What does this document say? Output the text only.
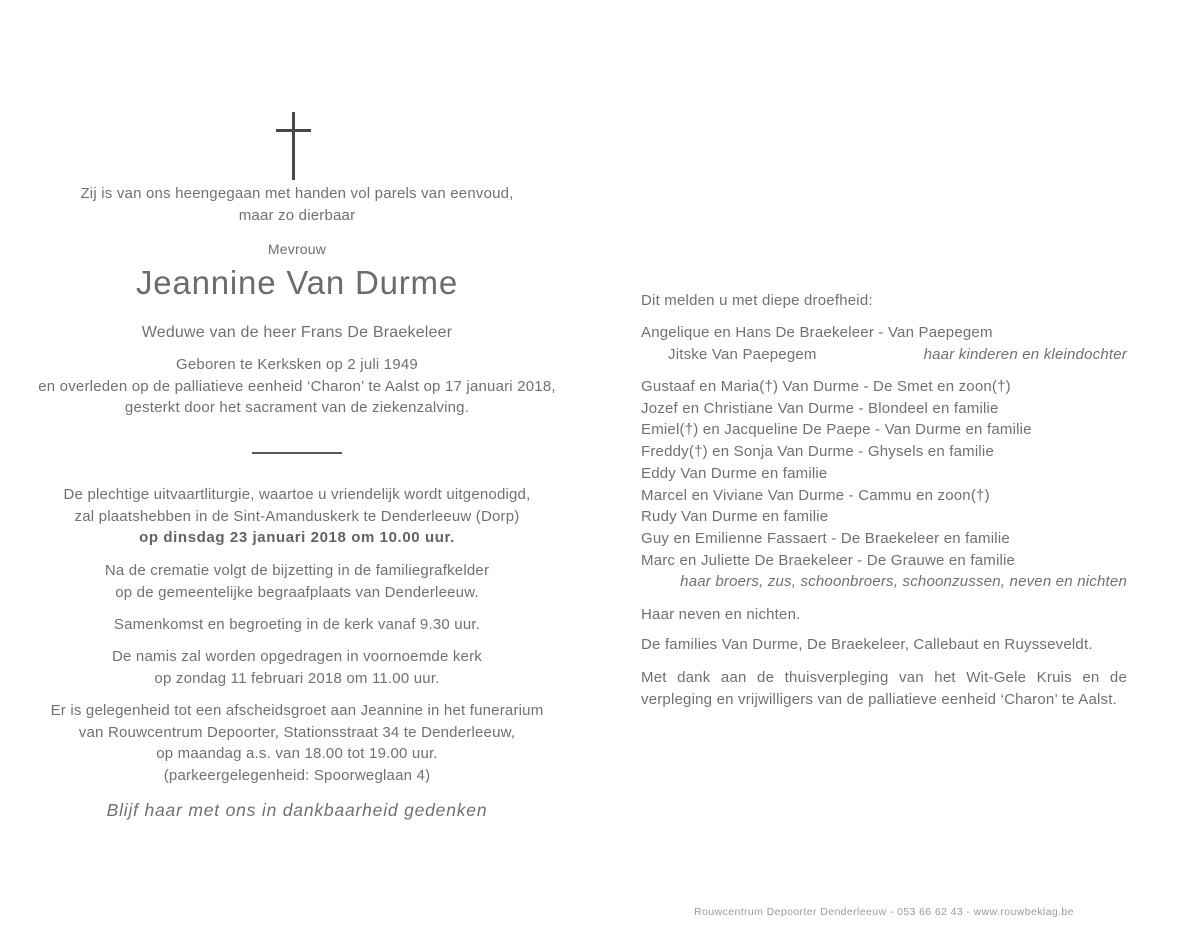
Zij is van ons heengegaan met handen vol parels van eenvoud,
maar zo dierbaar
Mevrouw
Jeannine Van Durme
Weduwe van de heer Frans De Braekeleer
Geboren te Kerksken op 2 juli 1949
en overleden op de palliatieve eenheid ‘Charon’ te Aalst op 17 januari 2018,
gesterkt door het sacrament van de ziekenzalving.
De plechtige uitvaartliturgie, waartoe u vriendelijk wordt uitgenodigd,
zal plaatshebben in de Sint-Amanduskerk te Denderleeuw (Dorp)
op dinsdag 23 januari 2018 om 10.00 uur.
Na de crematie volgt de bijzetting in de familiegrafkelder
op de gemeentelijke begraafplaats van Denderleeuw.
Samenkomst en begroeting in de kerk vanaf 9.30 uur.
De namis zal worden opgedragen in voornoemde kerk
op zondag 11 februari 2018 om 11.00 uur.
Er is gelegenheid tot een afscheidsgroet aan Jeannine in het funerarium
van Rouwcentrum Depoorter, Stationsstraat 34 te Denderleeuw,
op maandag a.s. van 18.00 tot 19.00 uur.
(parkeergelegenheid: Spoorweglaan 4)
Blijf haar met ons in dankbaarheid gedenken
Dit melden u met diepe droefheid:
Angelique en Hans De Braekeleer - Van Paepegem
Jitske Van Paepegem	haar kinderen en kleindochter
Gustaaf en Maria(†) Van Durme - De Smet en zoon(†)
Jozef en Christiane Van Durme - Blondeel en familie
Emiel(†) en Jacqueline De Paepe - Van Durme en familie
Freddy(†) en Sonja Van Durme - Ghysels en familie
Eddy Van Durme en familie
Marcel en Viviane Van Durme - Cammu en zoon(†)
Rudy Van Durme en familie
Guy en Emilienne Fassaert - De Braekeleer en familie
Marc en Juliette De Braekeleer - De Grauwe en familie
haar broers, zus, schoonbroers, schoonzussen, neven en nichten
Haar neven en nichten.
De families Van Durme, De Braekeleer, Callebaut en Ruysseveldt.
Met dank aan de thuisverpleging van het Wit-Gele Kruis en de verpleging en vrijwilligers van de palliatieve eenheid ‘Charon’ te Aalst.
Rouwcentrum Depoorter Denderleeuw - 053 66 62 43 - www.rouwbeklag.be
